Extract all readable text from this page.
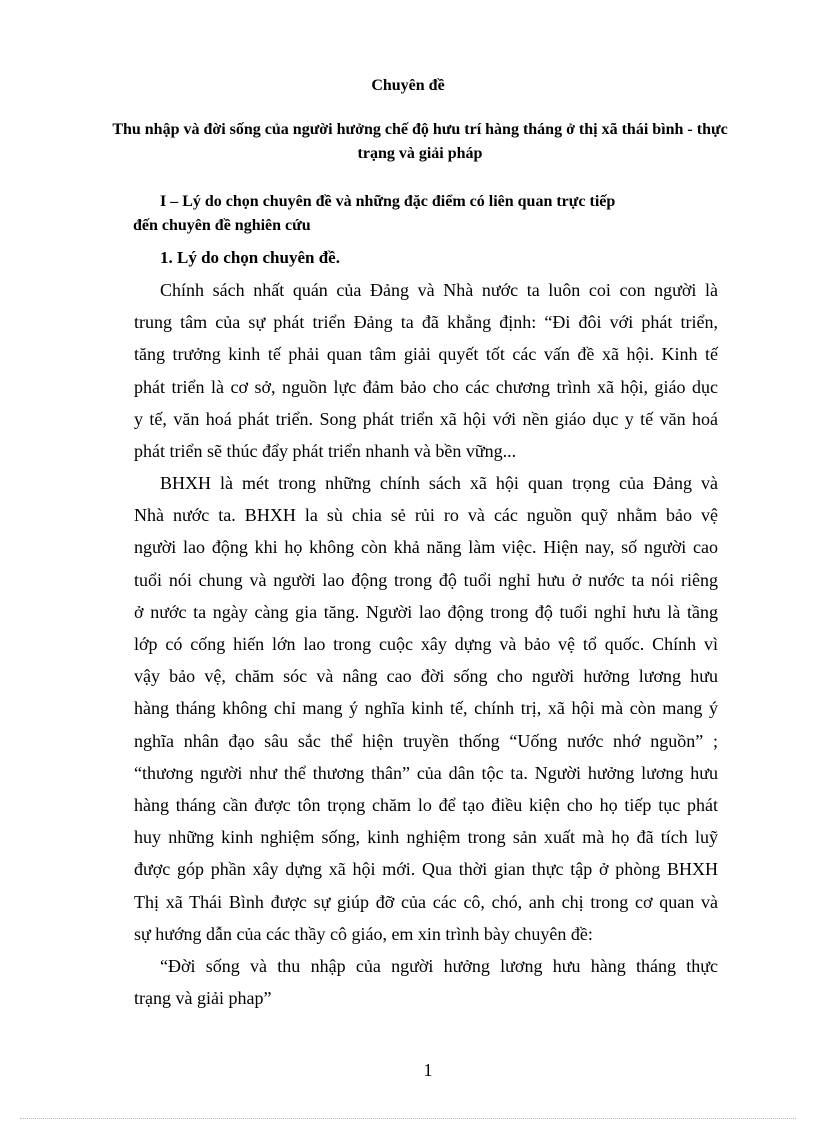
Chuyên đề
Thu nhập và đời sống của người hưởng chế độ hưu trí hàng tháng ở thị xã thái bình - thực trạng và giải pháp
I – Lý do chọn chuyên đề và những đặc điểm có liên quan trực tiếp
đến chuyên đề nghiên cứu
1. Lý do chọn chuyên đề.

Chính sách nhất quán của Đảng và Nhà nước ta luôn coi con người là
trung tâm của sự phát triển Đảng ta đã khẳng định: “Đi đôi với phát triển,
tăng trưởng kinh tế phải quan tâm giải quyết tốt các vấn đề xã hội. Kinh tế
phát triển là cơ sở, nguồn lực đảm bảo cho các chương trình xã hội, giáo dục
y tế, văn hoá phát triển. Song phát triển xã hội với nền giáo dục y tế văn hoá
phát triển sẽ thúc đẩy phát triển nhanh và bền vững...

BHXH là mét trong những chính sách xã hội quan trọng của Đảng và
Nhà nước ta. BHXH la sù chia sẻ rủi ro và các nguồn quỹ nhằm bảo vệ
người lao động khi họ không còn khả năng làm việc. Hiện nay, số người cao
tuổi nói chung và người lao động trong độ tuổi nghỉ hưu ở nước ta nói riêng
ở nước ta ngày càng gia tăng. Người lao động trong độ tuổi nghỉ hưu là tầng
lớp có cống hiến lớn lao trong cuộc xây dựng và bảo vệ tổ quốc. Chính vì
vậy bảo vệ, chăm sóc và nâng cao đời sống cho người hưởng lương hưu
hàng tháng không chỉ mang ý nghĩa kinh tế, chính trị, xã hội mà còn mang ý
nghĩa nhân đạo sâu sắc thể hiện truyền thống “Uống nước nhớ nguồn” ;
“thương người như thể thương thân” của dân tộc ta. Người hưởng lương hưu
hàng tháng cần được tôn trọng chăm lo để tạo điều kiện cho họ tiếp tục phát
huy những kinh nghiệm sống, kinh nghiệm trong sản xuất mà họ đã tích luỹ
được góp phần xây dựng xã hội mới. Qua thời gian thực tập ở phòng BHXH
Thị xã Thái Bình được sự giúp đỡ của các cô, chó, anh chị trong cơ quan và
sự hướng dẫn của các thầy cô giáo, em xin trình bày chuyên đề:

“Đời sống và thu nhập của người hưởng lương hưu hàng tháng thực
trạng và giải phap”

1
